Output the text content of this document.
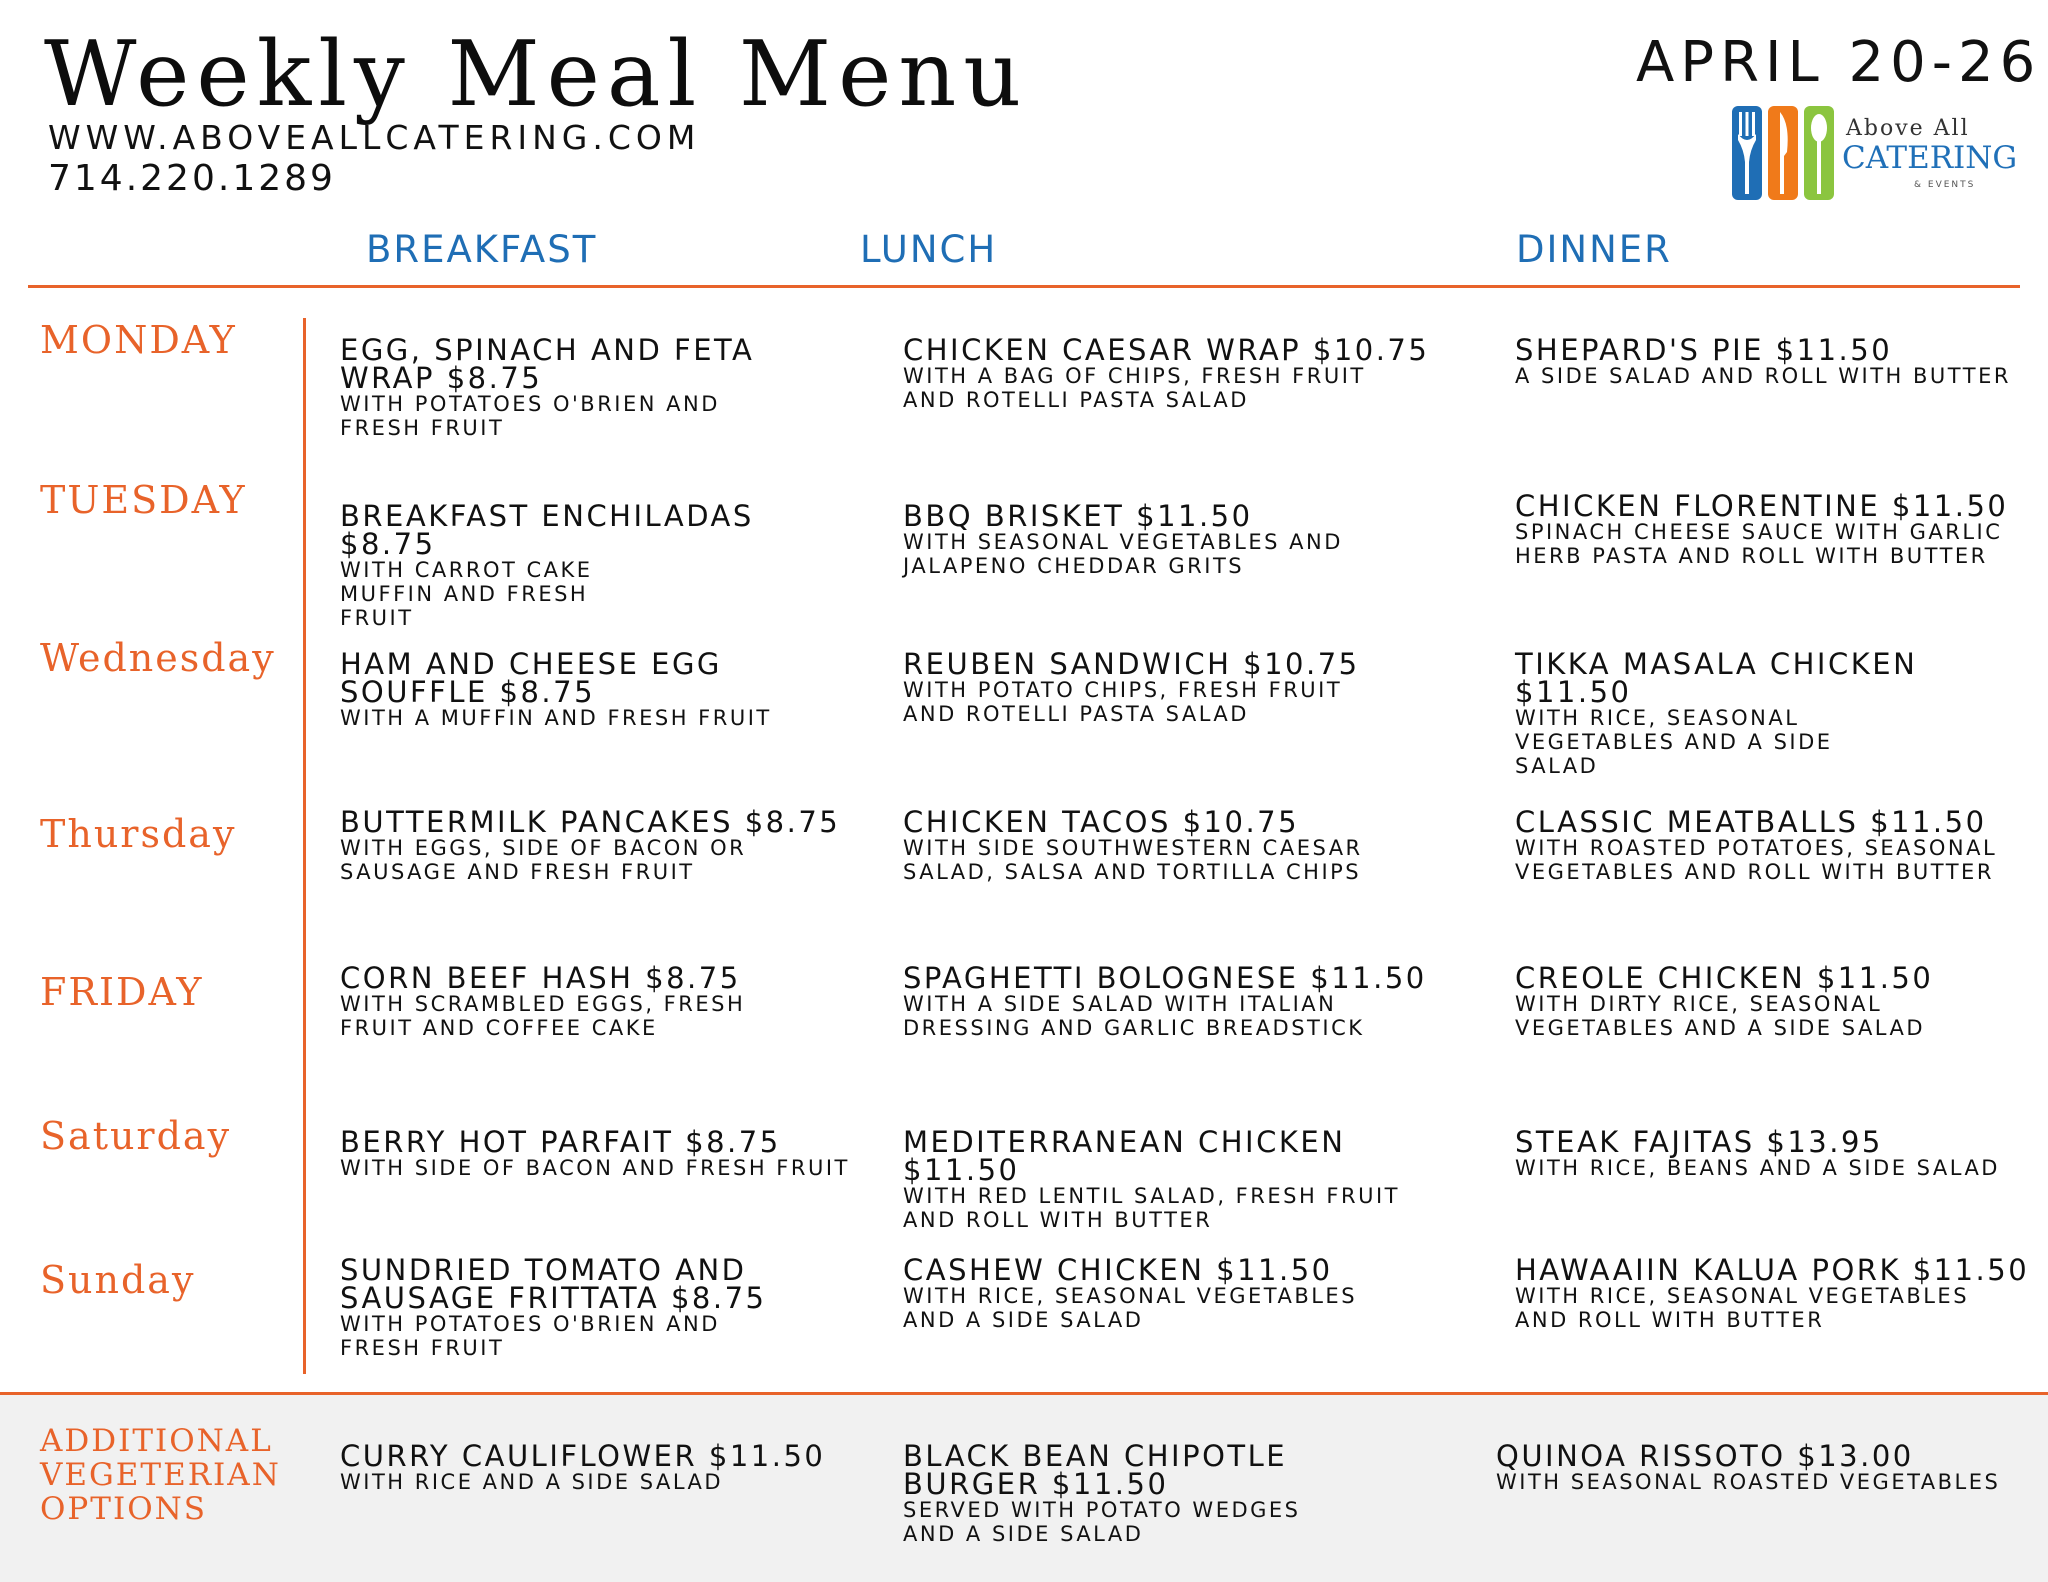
Weekly Meal Menu
WWW.ABOVEALLCATERING.COM
714.220.1289
APRIL 20-26
Above All
CATERING
& EVENTS
BREAKFAST	LUNCH	DINNER
MONDAY
TUESDAY
Wednesday
Thursday
FRIDAY
Saturday
Sunday
EGG, SPINACH AND FETA WRAP $8.75
WITH POTATOES O'BRIEN AND FRESH FRUIT
CHICKEN CAESAR WRAP $10.75
WITH A BAG OF CHIPS, FRESH FRUIT AND ROTELLI PASTA SALAD
SHEPARD'S PIE $11.50
A SIDE SALAD AND ROLL WITH BUTTER
BREAKFAST ENCHILADAS $8.75
WITH CARROT CAKE MUFFIN AND FRESH FRUIT
BBQ BRISKET $11.50
WITH SEASONAL VEGETABLES AND JALAPENO CHEDDAR GRITS
CHICKEN FLORENTINE $11.50
SPINACH CHEESE SAUCE WITH GARLIC HERB PASTA AND ROLL WITH BUTTER
HAM AND CHEESE EGG SOUFFLE $8.75
WITH A MUFFIN AND FRESH FRUIT
REUBEN SANDWICH $10.75
WITH POTATO CHIPS, FRESH FRUIT AND ROTELLI PASTA SALAD
TIKKA MASALA CHICKEN $11.50
WITH RICE, SEASONAL VEGETABLES AND A SIDE SALAD
BUTTERMILK PANCAKES $8.75
WITH EGGS, SIDE OF BACON OR SAUSAGE AND FRESH FRUIT
CHICKEN TACOS $10.75
WITH SIDE SOUTHWESTERN CAESAR SALAD, SALSA AND TORTILLA CHIPS
CLASSIC MEATBALLS $11.50
WITH ROASTED POTATOES, SEASONAL VEGETABLES AND ROLL WITH BUTTER
CORN BEEF HASH $8.75
WITH SCRAMBLED EGGS, FRESH FRUIT AND COFFEE CAKE
SPAGHETTI BOLOGNESE $11.50
WITH A SIDE SALAD WITH ITALIAN DRESSING AND GARLIC BREADSTICK
CREOLE CHICKEN $11.50
WITH DIRTY RICE, SEASONAL VEGETABLES AND A SIDE SALAD
BERRY HOT PARFAIT $8.75
WITH SIDE OF BACON AND FRESH FRUIT
MEDITERRANEAN CHICKEN $11.50
WITH RED LENTIL SALAD, FRESH FRUIT AND ROLL WITH BUTTER
STEAK FAJITAS $13.95
WITH RICE, BEANS AND A SIDE SALAD
SUNDRIED TOMATO AND SAUSAGE FRITTATA $8.75
WITH POTATOES O'BRIEN AND FRESH FRUIT
CASHEW CHICKEN $11.50
WITH RICE, SEASONAL VEGETABLES AND A SIDE SALAD
HAWAAIIN KALUA PORK $11.50
WITH RICE, SEASONAL VEGETABLES AND ROLL WITH BUTTER
ADDITIONAL
VEGETERIAN
OPTIONS
CURRY CAULIFLOWER $11.50
WITH RICE AND A SIDE SALAD
BLACK BEAN CHIPOTLE BURGER $11.50
SERVED WITH POTATO WEDGES AND A SIDE SALAD
QUINOA RISSOTO $13.00
WITH SEASONAL ROASTED VEGETABLES
